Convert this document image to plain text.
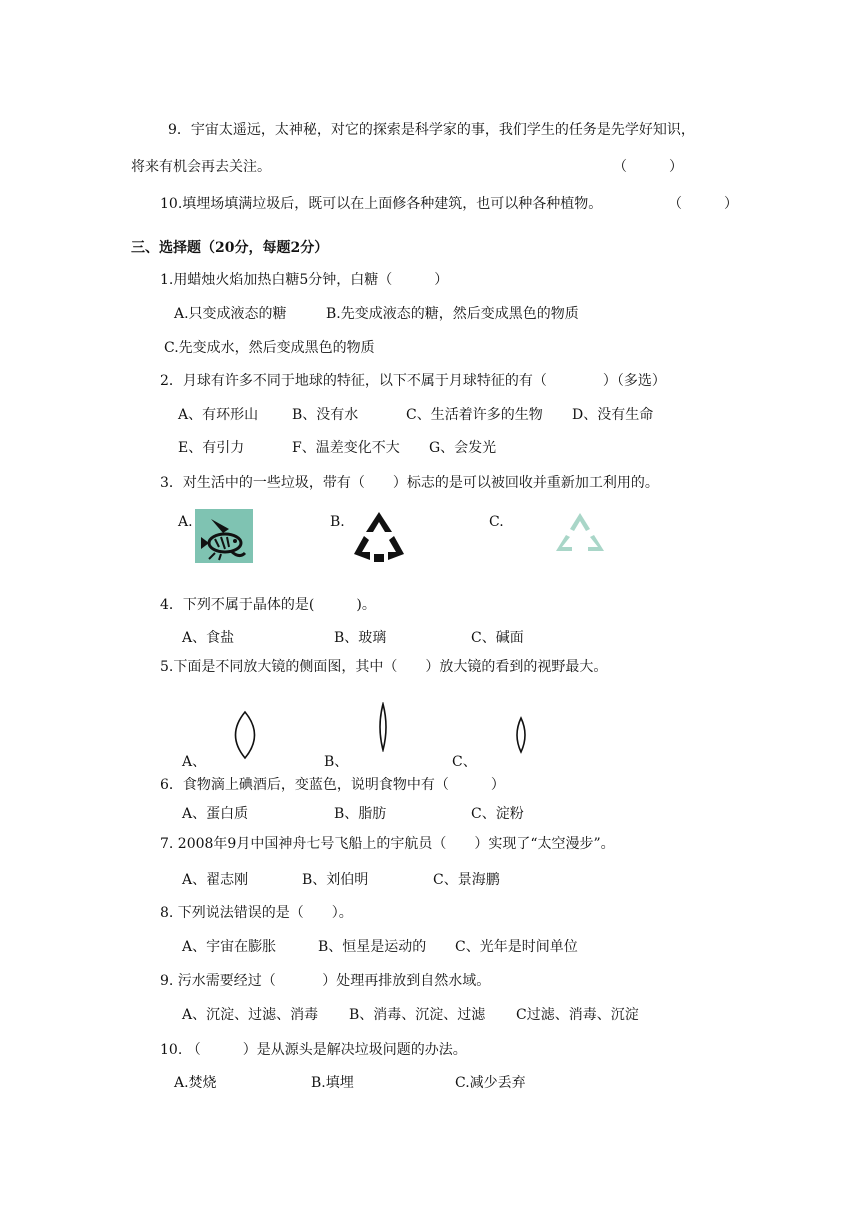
9．宇宙太遥远，太神秘，对它的探索是科学家的事，我们学生的任务是先学好知识，
将来有机会再去关注。	（　　　）
10.填埋场填满垃圾后，既可以在上面修各种建筑，也可以种各种植物。	（　　　）
三、选择题（20分，每题2分）
1.用蜡烛火焰加热白糖5分钟，白糖（　　　）
A.只变成液态的糖	B.先变成液态的糖，然后变成黑色的物质
C.先变成水，然后变成黑色的物质
2．月球有许多不同于地球的特征，以下不属于月球特征的有（　　　　）（多选）
A、有环形山 B、没有水	C、生活着许多的生物 D、没有生命
E、有引力	F、温差变化不大 G、会发光
3．对生活中的一些垃圾，带有（　　）标志的是可以被回收并重新加工利用的。
A.	B.	C.
4．下列不属于晶体的是(　　　)。
A、食盐	B、玻璃	C、碱面
5.下面是不同放大镜的侧面图，其中（　　）放大镜的看到的视野最大。
A、	B、	C、
6．食物滴上碘酒后，变蓝色，说明食物中有（　　　）
A、蛋白质	B、脂肪	C、淀粉
7. 2008年9月中国神舟七号飞船上的宇航员（　　）实现了“太空漫步”。
A、翟志刚	B、刘伯明	C、景海鹏
8. 下列说法错误的是（　　）。
A、宇宙在膨胀	B、恒星是运动的 C、光年是时间单位
9. 污水需要经过（　　　 ）处理再排放到自然水域。
A、沉淀、过滤、消毒 B、消毒、沉淀、过滤 C过滤、消毒、沉淀
10. （　　　）是从源头是解决垃圾问题的办法。
A.焚烧	B.填埋	C.减少丢弃
